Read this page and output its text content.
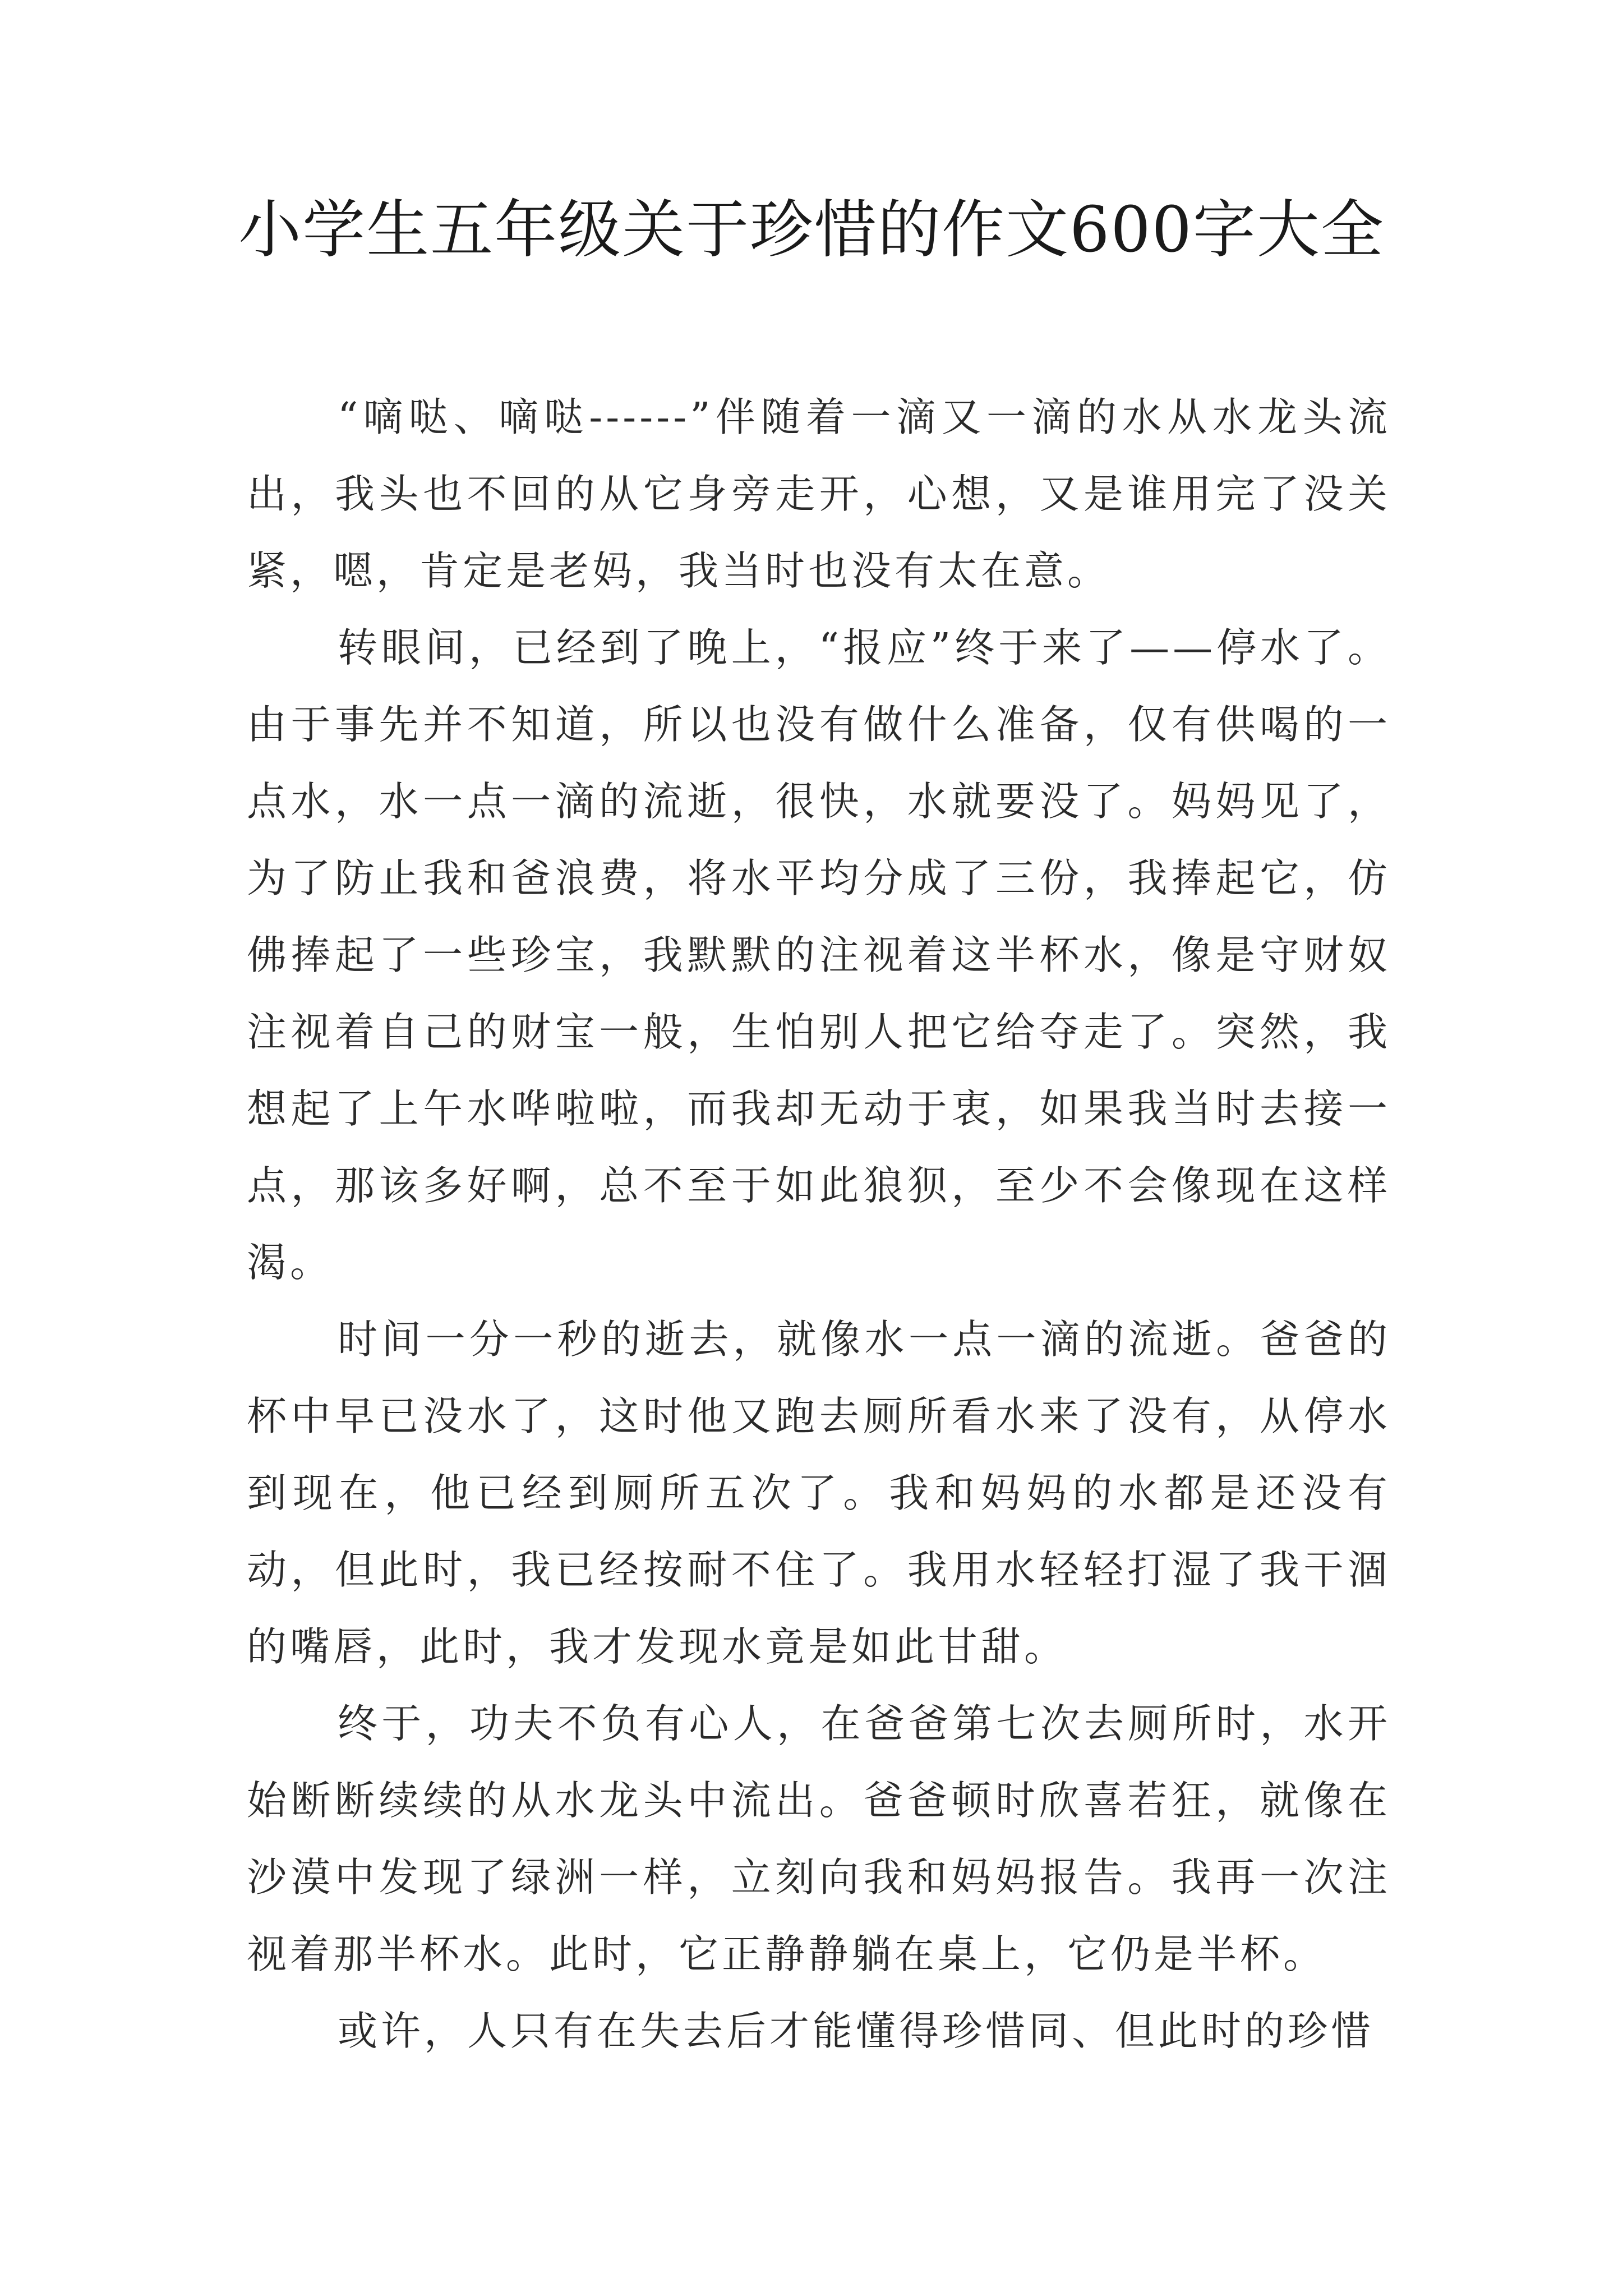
小学生五年级关于珍惜的作文600字大全

“嘀哒、嘀哒------”伴随着一滴又一滴的水从水龙头流出，我头也不回的从它身旁走开，心想，又是谁用完了没关紧，嗯，肯定是老妈，我当时也没有太在意。

转眼间，已经到了晚上，“报应”终于来了——停水了。由于事先并不知道，所以也没有做什么准备，仅有供喝的一点水，水一点一滴的流逝，很快，水就要没了。妈妈见了，为了防止我和爸浪费，将水平均分成了三份，我捧起它，仿佛捧起了一些珍宝，我默默的注视着这半杯水，像是守财奴注视着自己的财宝一般，生怕别人把它给夺走了。突然，我想起了上午水哗啦啦，而我却无动于衷，如果我当时去接一点，那该多好啊，总不至于如此狼狈，至少不会像现在这样渴。

时间一分一秒的逝去，就像水一点一滴的流逝。爸爸的杯中早已没水了，这时他又跑去厕所看水来了没有，从停水到现在，他已经到厕所五次了。我和妈妈的水都是还没有动，但此时，我已经按耐不住了。我用水轻轻打湿了我干涸的嘴唇，此时，我才发现水竟是如此甘甜。

终于，功夫不负有心人，在爸爸第七次去厕所时，水开始断断续续的从水龙头中流出。爸爸顿时欣喜若狂，就像在沙漠中发现了绿洲一样，立刻向我和妈妈报告。我再一次注视着那半杯水。此时，它正静静躺在桌上，它仍是半杯。

或许，人只有在失去后才能懂得珍惜同、但此时的珍惜
